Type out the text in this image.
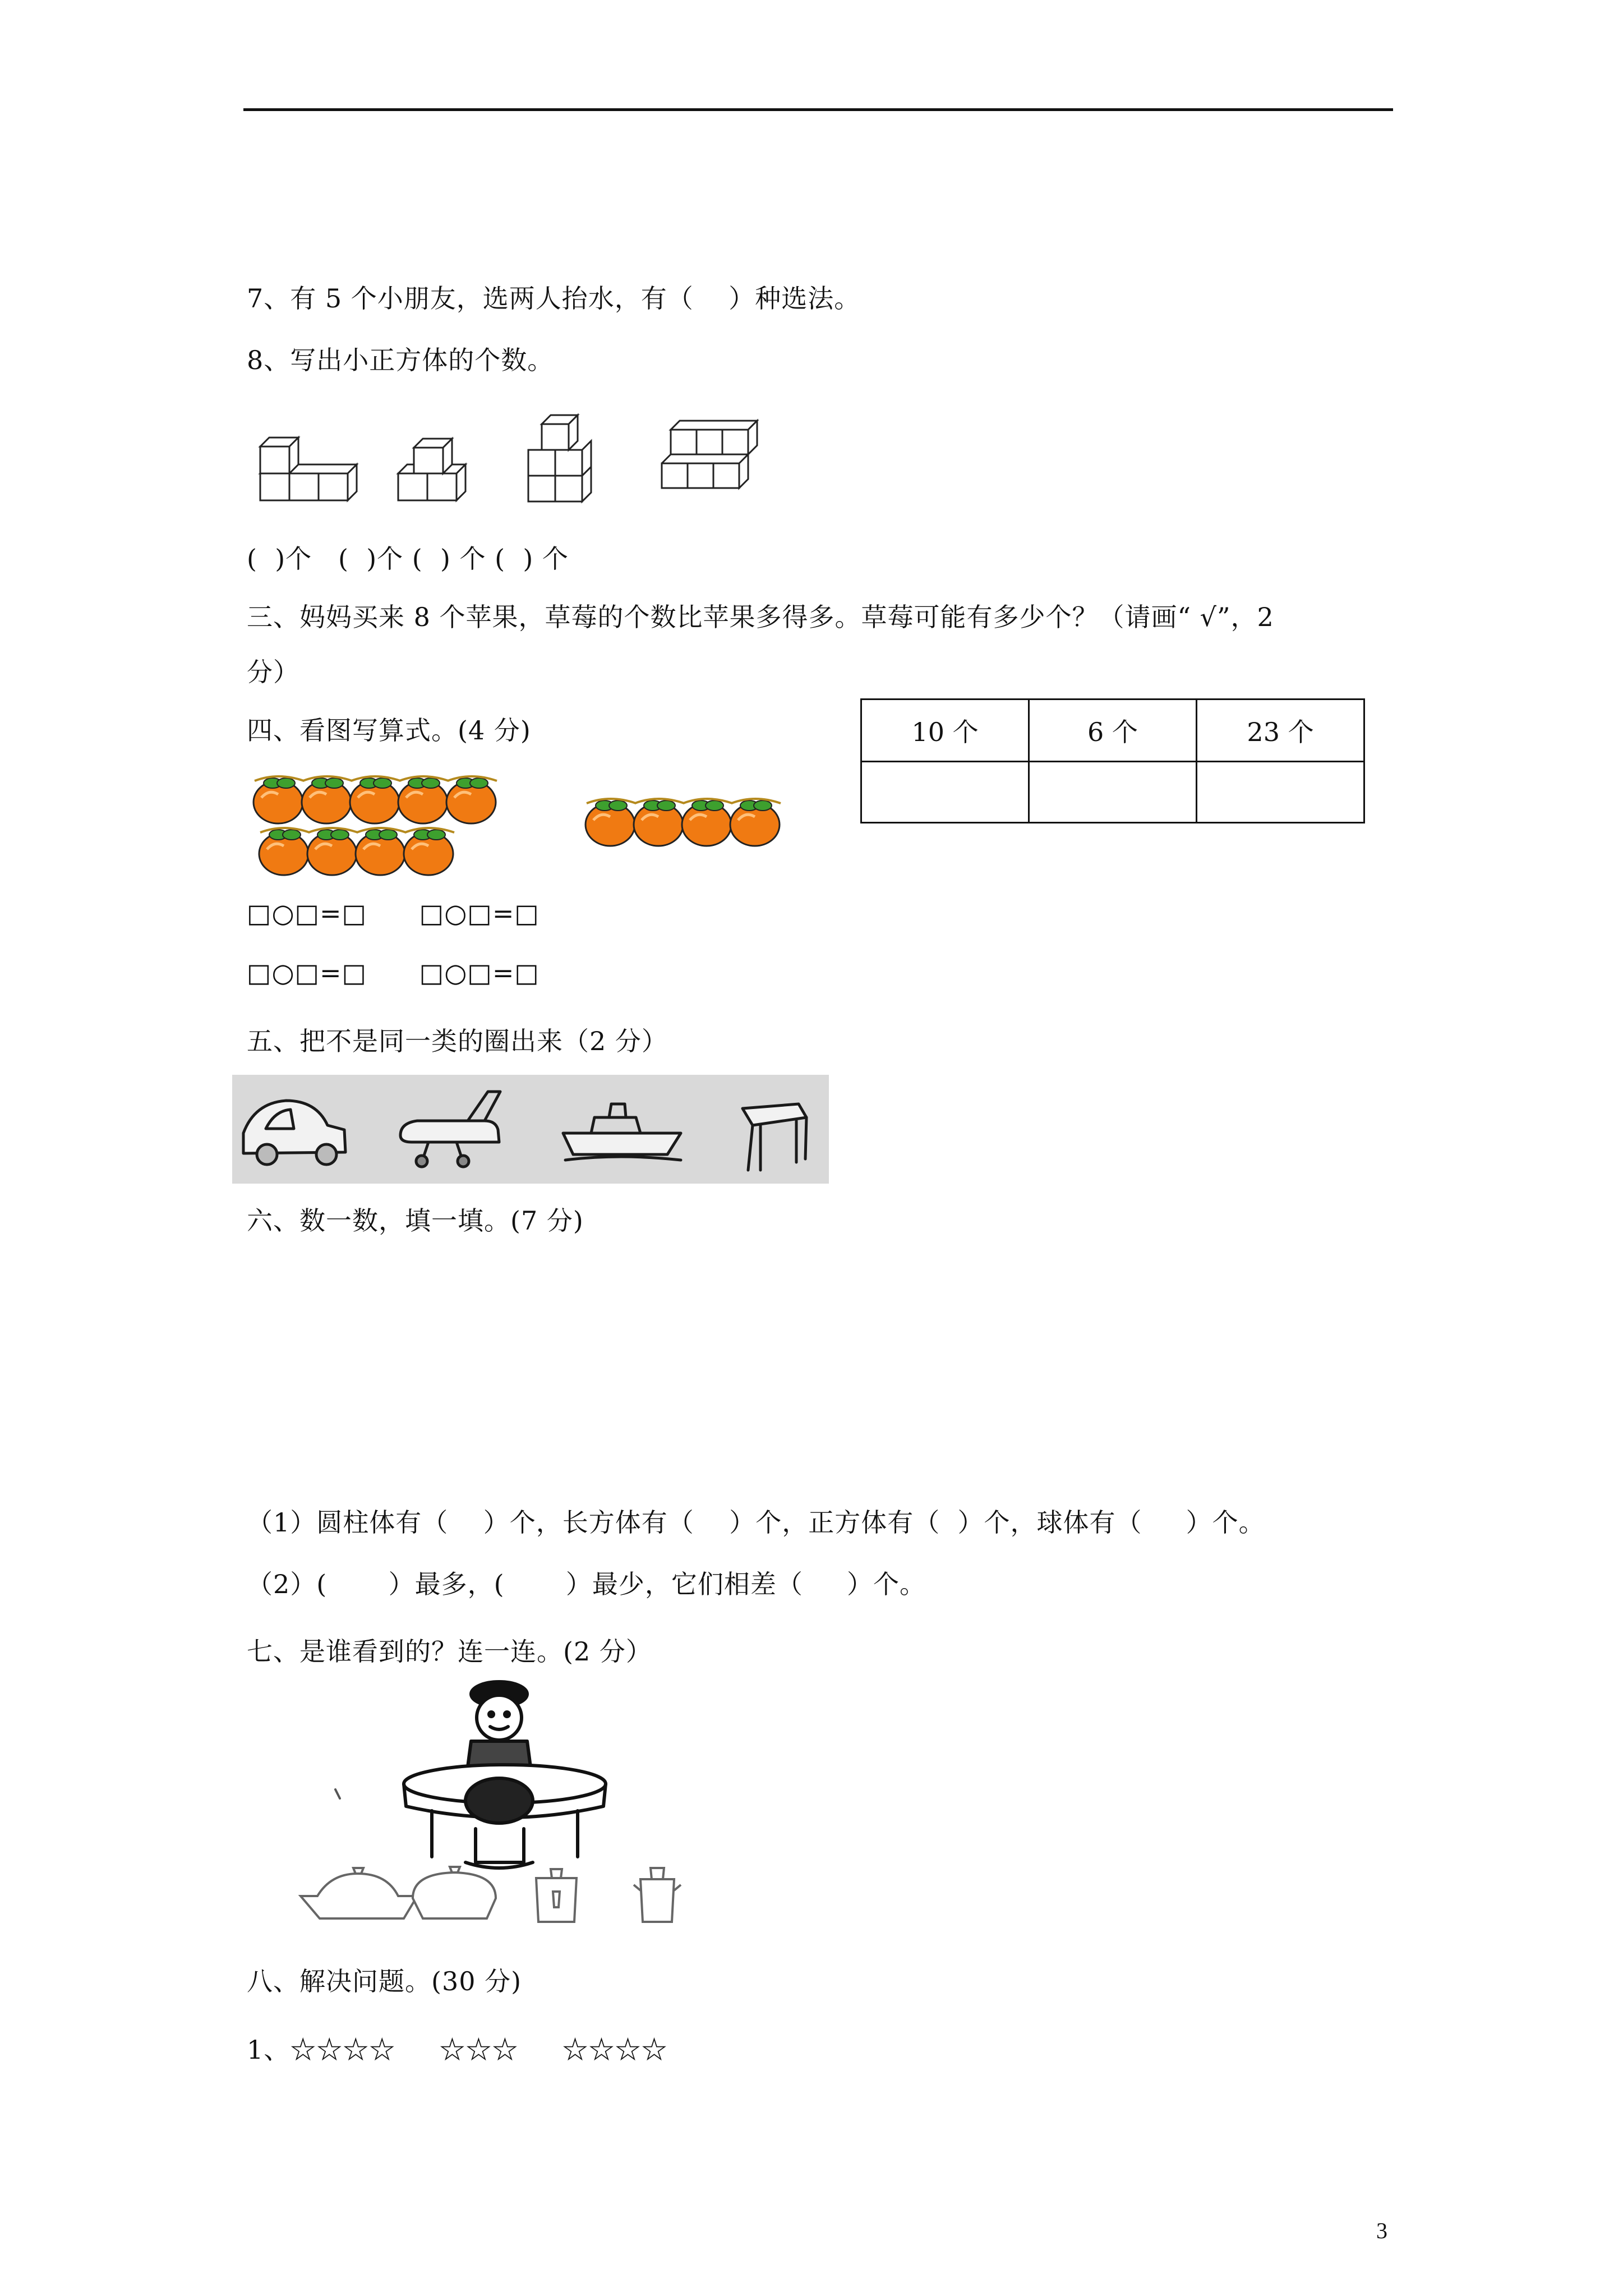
7、有 5 个小朋友，选两人抬水，有（    ）种选法。
8、写出小正方体的个数。
(  )个   (  )个 (  ) 个 (  ) 个
三、妈妈买来 8 个苹果，草莓的个数比苹果多得多。草莓可能有多少个？（请画“ √”，2
分）
10 个	6 个	23 个

四、看图写算式。(4 分)
□○□=□      □○□=□
□○□=□      □○□=□
五、把不是同一类的圈出来（2 分）
六、数一数，填一填。(7 分)
（1）圆柱体有（    ）个，长方体有（    ）个，正方体有（  ）个，球体有（     ）个。
（2）(       ）最多，(       ）最少，它们相差（     ）个。
七、是谁看到的？连一连。(2 分）
八、解决问题。(30 分)
1、☆☆☆☆     ☆☆☆     ☆☆☆☆
3
